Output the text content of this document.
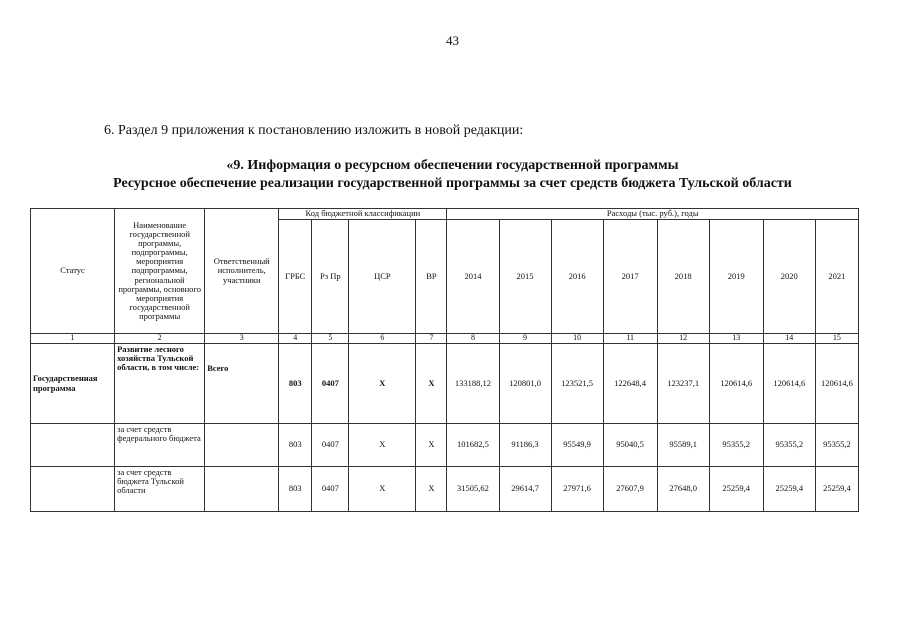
43
6. Раздел 9 приложения к постановлению изложить в новой редакции:
«9. Информация о ресурсном обеспечении государственной программы
Ресурсное обеспечение реализации государственной программы за счет средств бюджета Тульской области
Статус	Наименование государственной программы, подпрограммы, мероприятия подпрограммы, региональной программы, основного мероприятия государственной программы	Ответственный исполнитель, участники	Код бюджетной классификации				Расходы (тыс. руб.), годы							
			ГРБС	Рз Пр	ЦСР	ВР	2014	2015	2016	2017	2018	2019	2020	2021
1	2	3	4	5	6	7	8	9	10	11	12	13	14	15
Государственная программа	Развитие лесного хозяйства Тульской области, в том числе:	Всего	803	0407	Х	Х	133188,12	120801,0	123521,5	122648,4	123237,1	120614,6	120614,6	120614,6
	за счет средств федерального бюджета		803	0407	Х	Х	101682,5	91186,3	95549,9	95040,5	95589,1	95355,2	95355,2	95355,2
	за счет средств бюджета Тульской области		803	0407	Х	Х	31505,62	29614,7	27971,6	27607,9	27648,0	25259,4	25259,4	25259,4
